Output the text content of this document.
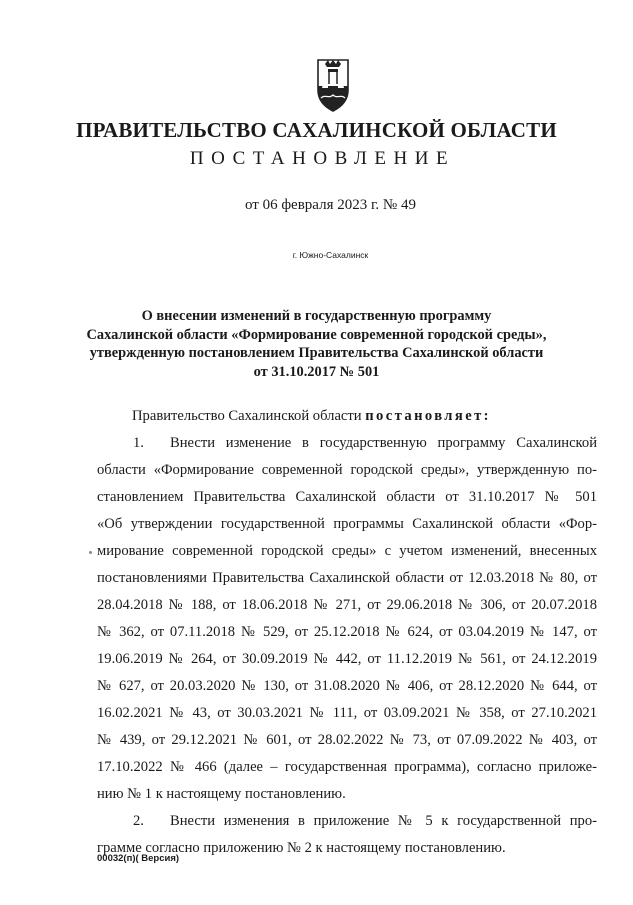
ПРАВИТЕЛЬСТВО САХАЛИНСКОЙ ОБЛАСТИ
ПОСТАНОВЛЕНИЕ
от 06 февраля 2023 г. № 49
г. Южно-Сахалинск
О внесении изменений в государственную программу
Сахалинской области «Формирование современной городской среды»,
утвержденную постановлением Правительства Сахалинской области
от 31.10.2017 № 501
Правительство Сахалинской области постановляет:
1. Внести изменение в государственную программу Сахалинской
области «Формирование современной городской среды», утвержденную по-
становлением Правительства Сахалинской области от 31.10.2017 № 501
«Об утверждении государственной программы Сахалинской области «Фор-
мирование современной городской среды» с учетом изменений, внесенных
постановлениями Правительства Сахалинской области от 12.03.2018 № 80, от
28.04.2018 № 188, от 18.06.2018 № 271, от 29.06.2018 № 306, от 20.07.2018
№ 362, от 07.11.2018 № 529, от 25.12.2018 № 624, от 03.04.2019 № 147, от
19.06.2019 № 264, от 30.09.2019 № 442, от 11.12.2019 № 561, от 24.12.2019
№ 627, от 20.03.2020 № 130, от 31.08.2020 № 406, от 28.12.2020 № 644, от
16.02.2021 № 43, от 30.03.2021 № 111, от 03.09.2021 № 358, от 27.10.2021
№ 439, от 29.12.2021 № 601, от 28.02.2022 № 73, от 07.09.2022 № 403, от
17.10.2022 № 466 (далее – государственная программа), согласно приложе-
нию № 1 к настоящему постановлению.
2. Внести изменения в приложение № 5 к государственной про-
грамме согласно приложению № 2 к настоящему постановлению.
00032(п)( Версия)
